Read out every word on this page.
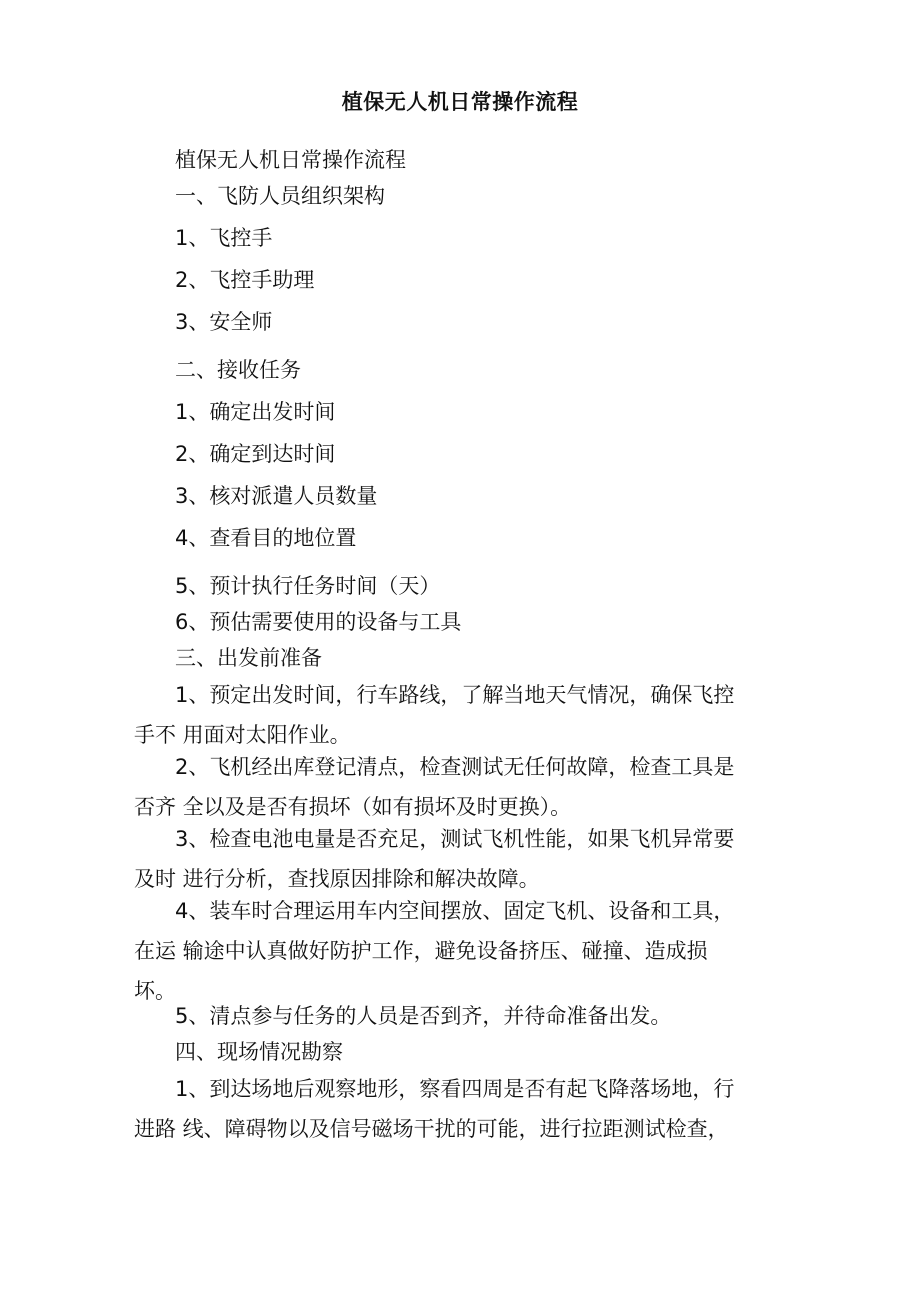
植保无人机日常操作流程
植保无人机日常操作流程
一、飞防人员组织架构
1、飞控手
2、飞控手助理
3、安全师
二、接收任务
1、确定出发时间
2、确定到达时间
3、核对派遣人员数量
4、查看目的地位置
5、预计执行任务时间（天）
6、预估需要使用的设备与工具
三、出发前准备
1、预定出发时间，行车路线，了解当地天气情况，确保飞控
手不 用面对太阳作业。
2、飞机经出库登记清点，检查测试无任何故障，检查工具是
否齐 全以及是否有损坏（如有损坏及时更换）。
3、检查电池电量是否充足，测试飞机性能，如果飞机异常要
及时 进行分析，查找原因排除和解决故障。
4、装车时合理运用车内空间摆放、固定飞机、设备和工具，
在运 输途中认真做好防护工作，避免设备挤压、碰撞、造成损
坏。
5、清点参与任务的人员是否到齐，并待命准备出发。
四、现场情况勘察
1、到达场地后观察地形，察看四周是否有起飞降落场地，行
进路 线、障碍物以及信号磁场干扰的可能，进行拉距测试检查，
